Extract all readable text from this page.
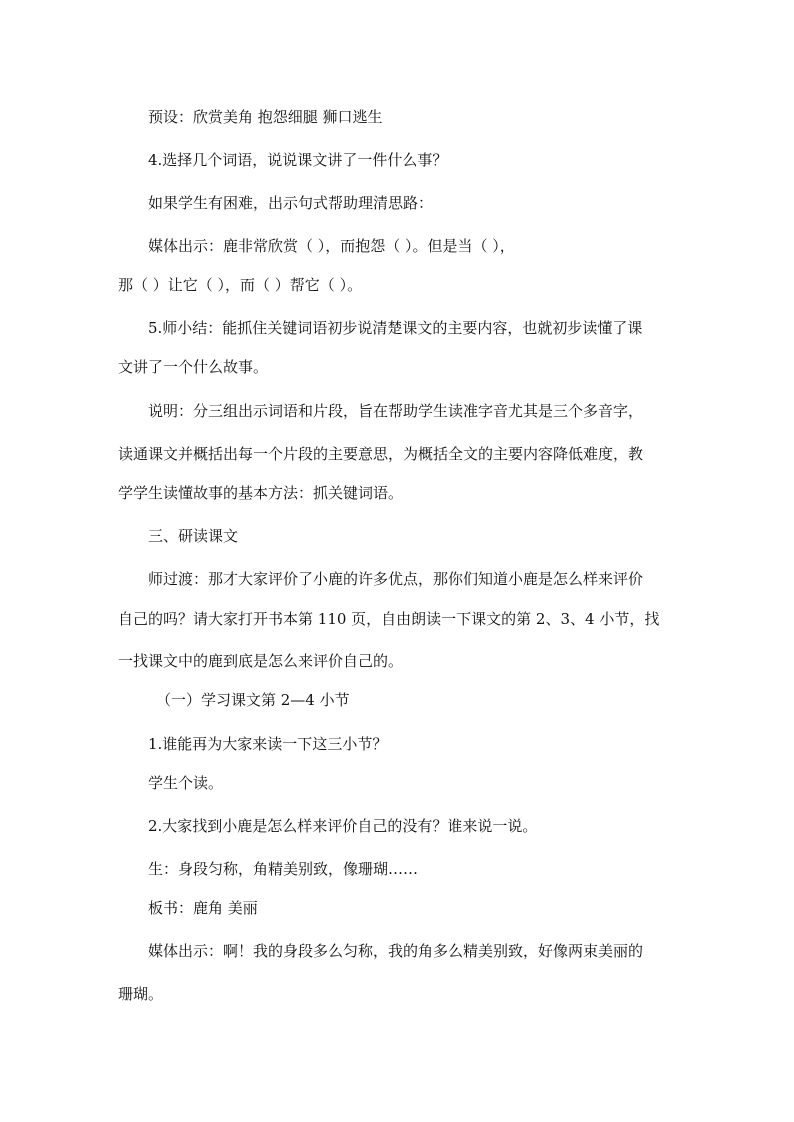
预设：欣赏美角 抱怨细腿 狮口逃生
4.选择几个词语，说说课文讲了一件什么事？
如果学生有困难，出示句式帮助理清思路：
媒体出示：鹿非常欣赏（ ），而抱怨（ ）。但是当（ ），
那（ ）让它（ ），而（ ）帮它（ ）。
5.师小结：能抓住关键词语初步说清楚课文的主要内容，也就初步读懂了课
文讲了一个什么故事。
说明：分三组出示词语和片段，旨在帮助学生读准字音尤其是三个多音字，
读通课文并概括出每一个片段的主要意思，为概括全文的主要内容降低难度，教
学学生读懂故事的基本方法：抓关键词语。
三、研读课文
师过渡：那才大家评价了小鹿的许多优点，那你们知道小鹿是怎么样来评价
自己的吗？请大家打开书本第 110 页，自由朗读一下课文的第 2、3、4 小节，找
一找课文中的鹿到底是怎么来评价自己的。
（一）学习课文第 2—4 小节
1.谁能再为大家来读一下这三小节？
学生个读。
2.大家找到小鹿是怎么样来评价自己的没有？谁来说一说。
生：身段匀称，角精美别致，像珊瑚……
板书：鹿角 美丽
媒体出示：啊！我的身段多么匀称，我的角多么精美别致，好像两束美丽的
珊瑚。
